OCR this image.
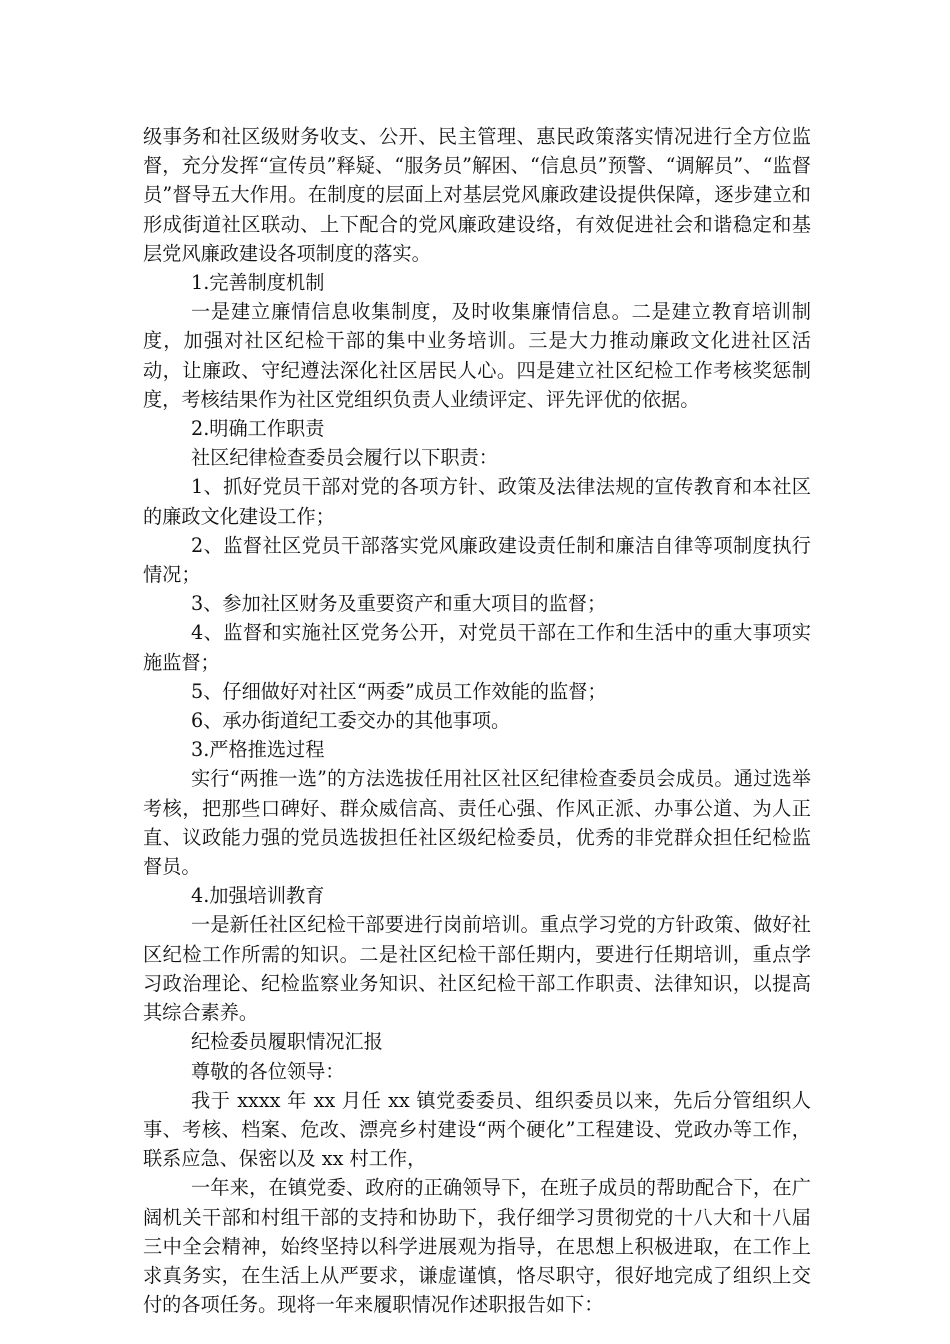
级事务和社区级财务收支、公开、民主管理、惠民政策落实情况进行全方位监督，充分发挥“宣传员”释疑、“服务员”解困、“信息员”预警、“调解员”、“监督员”督导五大作用。在制度的层面上对基层党风廉政建设提供保障，逐步建立和形成街道社区联动、上下配合的党风廉政建设络，有效促进社会和谐稳定和基层党风廉政建设各项制度的落实。

1.完善制度机制

一是建立廉情信息收集制度，及时收集廉情信息。二是建立教育培训制度，加强对社区纪检干部的集中业务培训。三是大力推动廉政文化进社区活动，让廉政、守纪遵法深化社区居民人心。四是建立社区纪检工作考核奖惩制度，考核结果作为社区党组织负责人业绩评定、评先评优的依据。

2.明确工作职责

社区纪律检查委员会履行以下职责：

1、抓好党员干部对党的各项方针、政策及法律法规的宣传教育和本社区的廉政文化建设工作；

2、监督社区党员干部落实党风廉政建设责任制和廉洁自律等项制度执行情况；

3、参加社区财务及重要资产和重大项目的监督；

4、监督和实施社区党务公开，对党员干部在工作和生活中的重大事项实施监督；

5、仔细做好对社区“两委”成员工作效能的监督；

6、承办街道纪工委交办的其他事项。

3.严格推选过程

实行“两推一选”的方法选拔任用社区社区纪律检查委员会成员。通过选举考核，把那些口碑好、群众威信高、责任心强、作风正派、办事公道、为人正直、议政能力强的党员选拔担任社区级纪检委员，优秀的非党群众担任纪检监督员。

4.加强培训教育

一是新任社区纪检干部要进行岗前培训。重点学习党的方针政策、做好社区纪检工作所需的知识。二是社区纪检干部任期内，要进行任期培训，重点学习政治理论、纪检监察业务知识、社区纪检干部工作职责、法律知识，以提高其综合素养。

纪检委员履职情况汇报

尊敬的各位领导：

我于 xxxx 年 xx 月任 xx 镇党委委员、组织委员以来，先后分管组织人事、考核、档案、危改、漂亮乡村建设“两个硬化”工程建设、党政办等工作，联系应急、保密以及 xx 村工作，

一年来，在镇党委、政府的正确领导下，在班子成员的帮助配合下，在广阔机关干部和村组干部的支持和协助下，我仔细学习贯彻党的十八大和十八届三中全会精神，始终坚持以科学进展观为指导，在思想上积极进取，在工作上求真务实，在生活上从严要求，谦虚谨慎，恪尽职守，很好地完成了组织上交付的各项任务。现将一年来履职情况作述职报告如下：
